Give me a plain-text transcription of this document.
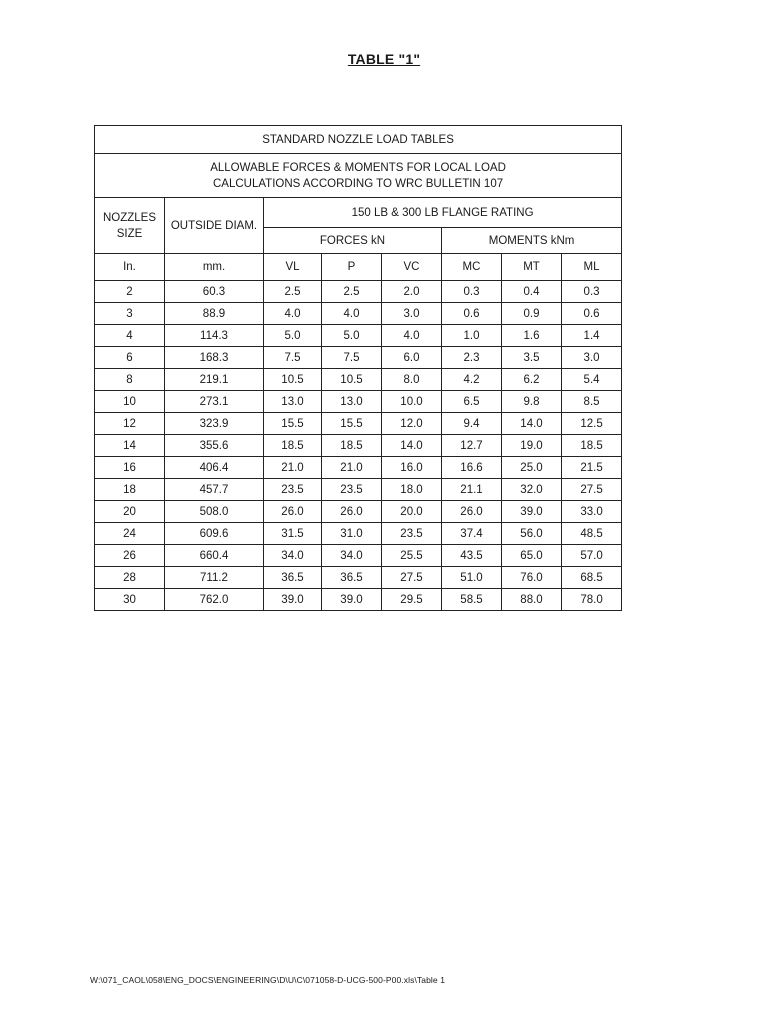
TABLE "1"
STANDARD NOZZLE LOAD TABLES							
ALLOWABLE FORCES & MOMENTS FOR LOCAL LOAD
CALCULATIONS ACCORDING TO WRC BULLETIN 107							
NOZZLES
SIZE	OUTSIDE DIAM.	150 LB & 300 LB FLANGE RATING					
		FORCES kN			MOMENTS kNm		
In.	mm.	VL	P	VC	MC	MT	ML
2	60.3	2.5	2.5	2.0	0.3	0.4	0.3
3	88.9	4.0	4.0	3.0	0.6	0.9	0.6
4	114.3	5.0	5.0	4.0	1.0	1.6	1.4
6	168.3	7.5	7.5	6.0	2.3	3.5	3.0
8	219.1	10.5	10.5	8.0	4.2	6.2	5.4
10	273.1	13.0	13.0	10.0	6.5	9.8	8.5
12	323.9	15.5	15.5	12.0	9.4	14.0	12.5
14	355.6	18.5	18.5	14.0	12.7	19.0	18.5
16	406.4	21.0	21.0	16.0	16.6	25.0	21.5
18	457.7	23.5	23.5	18.0	21.1	32.0	27.5
20	508.0	26.0	26.0	20.0	26.0	39.0	33.0
24	609.6	31.5	31.0	23.5	37.4	56.0	48.5
26	660.4	34.0	34.0	25.5	43.5	65.0	57.0
28	711.2	36.5	36.5	27.5	51.0	76.0	68.5
30	762.0	39.0	39.0	29.5	58.5	88.0	78.0
W:\071_CAOL\058\ENG_DOCS\ENGINEERING\D\U\C\071058-D-UCG-500-P00.xls\Table 1
